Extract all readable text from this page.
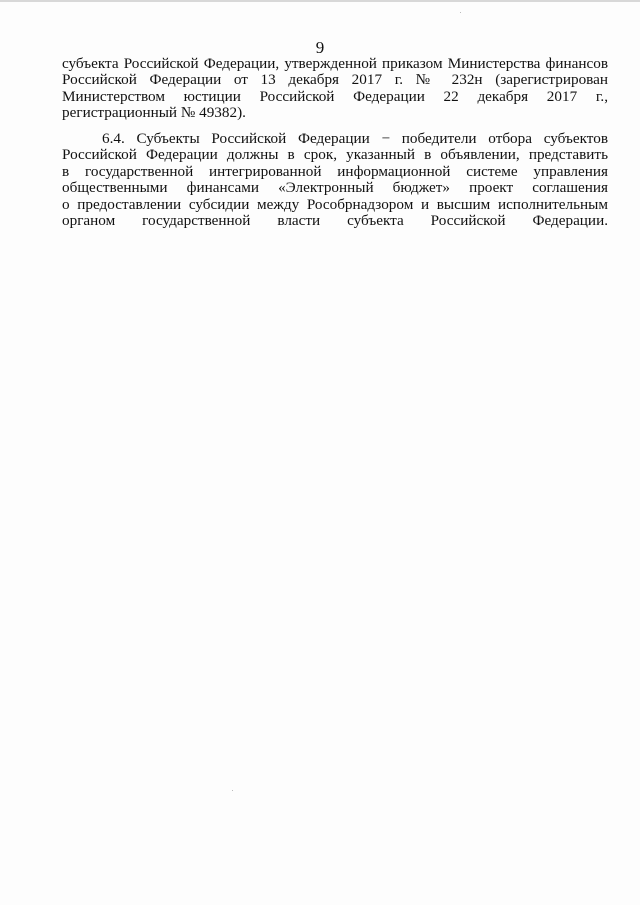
9
субъекта Российской Федерации, утвержденной приказом Министерства финансов
Российской Федерации от 13 декабря 2017 г. № 232н (зарегистрирован
Министерством юстиции Российской Федерации 22 декабря 2017 г.,
регистрационный № 49382).
6.4. Субъекты Российской Федерации − победители отбора субъектов
Российской Федерации должны в срок, указанный в объявлении, представить
в государственной интегрированной информационной системе управления
общественными финансами «Электронный бюджет» проект соглашения
о предоставлении субсидии между Рособрнадзором и высшим исполнительным
органом государственной власти субъекта Российской Федерации.
